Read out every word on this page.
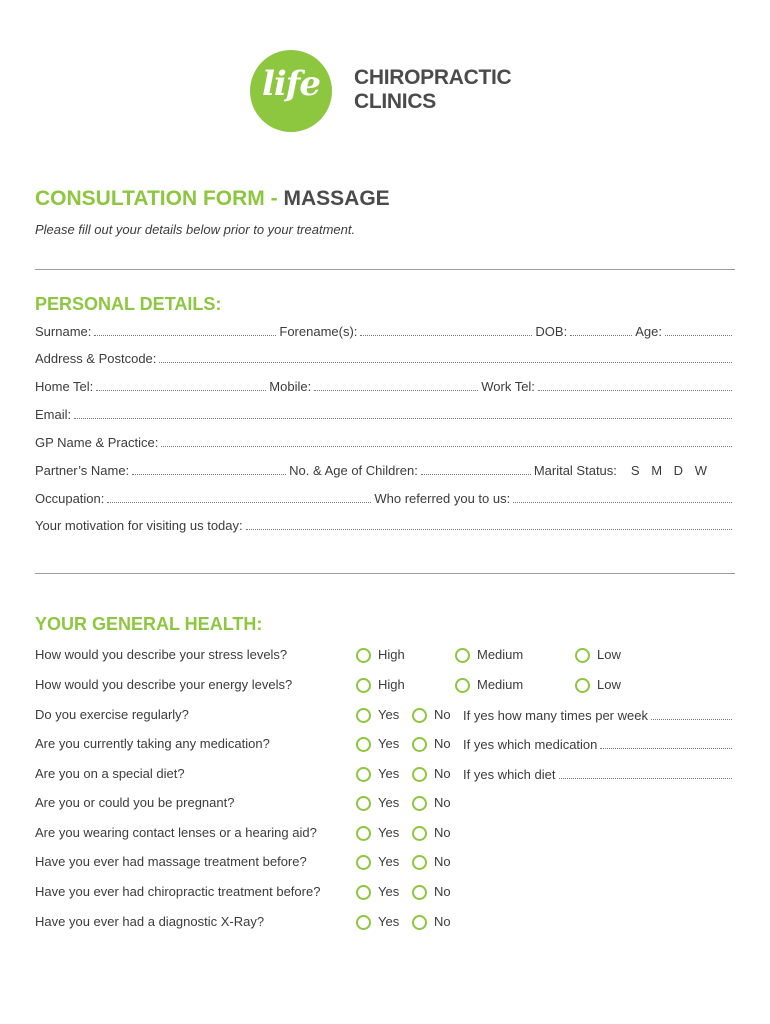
life	CHIROPRACTIC
CLINICS
CONSULTATION FORM - MASSAGE
Please fill out your details below prior to your treatment.
PERSONAL DETAILS:
Surname:	Forename(s):	DOB:	Age:
Address & Postcode:
Home Tel:	Mobile:	Work Tel:
Email:
GP Name & Practice:
Partner’s Name:	No. & Age of Children:	Marital Status:	S M D W
Occupation:	Who referred you to us:
Your motivation for visiting us today:
YOUR GENERAL HEALTH:
How would you describe your stress levels?	High	Medium	Low
How would you describe your energy levels?	High	Medium	Low
Do you exercise regularly?	Yes	No If yes how many times per week
Are you currently taking any medication?	Yes	No If yes which medication
Are you on a special diet?	Yes	No If yes which diet
Are you or could you be pregnant?	Yes	No
Are you wearing contact lenses or a hearing aid?	Yes	No
Have you ever had massage treatment before?	Yes	No
Have you ever had chiropractic treatment before?	Yes	No
Have you ever had a diagnostic X-Ray?	Yes	No
